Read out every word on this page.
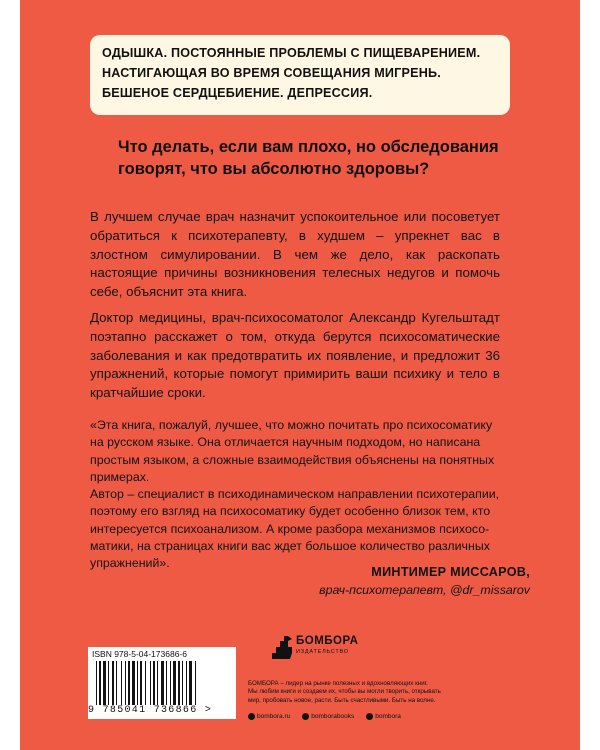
ОДЫШКА. ПОСТОЯННЫЕ ПРОБЛЕМЫ С ПИЩЕВАРЕНИЕМ.
НАСТИГАЮЩАЯ ВО ВРЕМЯ СОВЕЩАНИЯ МИГРЕНЬ.
БЕШЕНОЕ СЕРДЦЕБИЕНИЕ. ДЕПРЕССИЯ.
Что делать, если вам плохо, но обследования говорят, что вы абсолютно здоровы?
В лучшем случае врач назначит успокоительное или посоветует обратиться к психотерапевту, в худшем – упрекнет вас в злостном симулировании. В чем же дело, как раскопать настоящие причины возникновения телесных недугов и помочь себе, объяснит эта книга.
Доктор медицины, врач-психосоматолог Александр Кугельштадт поэтапно расскажет о том, откуда берутся психосоматические заболевания и как предотвратить их появление, и предложит 36 упражнений, которые помогут примирить ваши психику и тело в кратчайшие сроки.
«Эта книга, пожалуй, лучшее, что можно почитать про психосоматику
на русском языке. Она отличается научным подходом, но написана
простым языком, а сложные взаимодействия объяснены на понятных
примерах.
Автор – специалист в психодинамическом направлении психотерапии,
поэтому его взгляд на психосоматику будет особенно близок тем, кто
интересуется психоанализом. А кроме разбора механизмов психосо-
матики, на страницах книги вас ждет большое количество различных
упражнений».
МИНТИМЕР МИССАРОВ,
врач-психотерапевт, @dr_missarov
ISBN 978-5-04-173686-6
9 785041 736866 >
БОМБОРА
ИЗДАТЕЛЬСТВО
БОМБОРА – лидер на рынке полезных и вдохновляющих книг.
Мы любим книги и создаем их, чтобы вы могли творить, открывать
мир, пробовать новое, расти. Быть счастливыми. Быть на волне.
bombora.ru	bomborabooks	bombora
